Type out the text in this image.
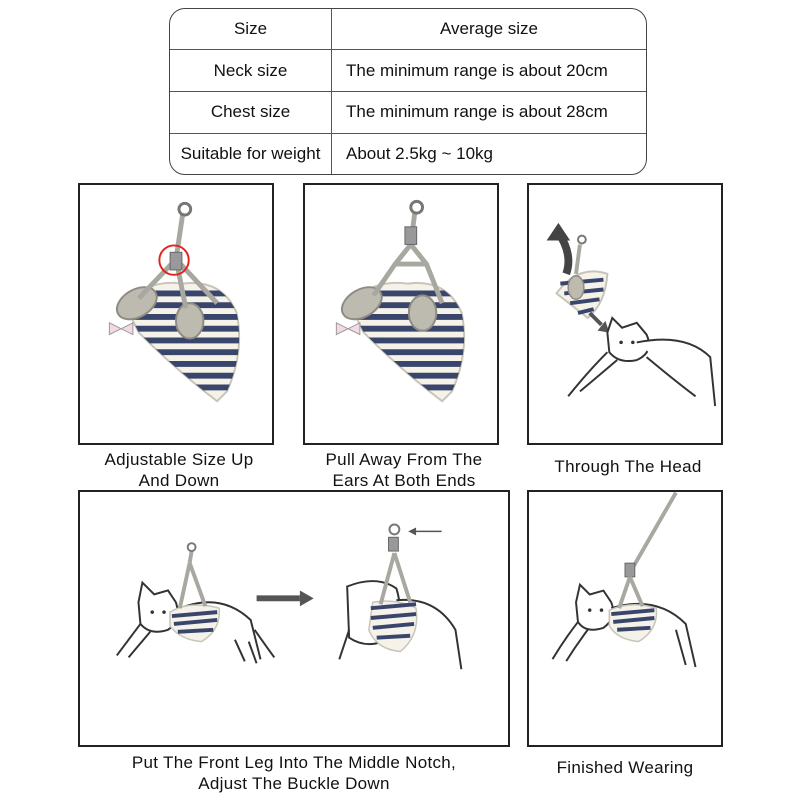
Size	Average size
Neck size	The minimum range is about 20cm
Chest size	The minimum range is about 28cm
Suitable for weight	About 2.5kg ~ 10kg
Adjustable Size Up
And Down
Pull Away From The
Ears At Both Ends
Through The Head
Put The Front Leg Into The Middle Notch,
Adjust The Buckle Down
Finished Wearing
